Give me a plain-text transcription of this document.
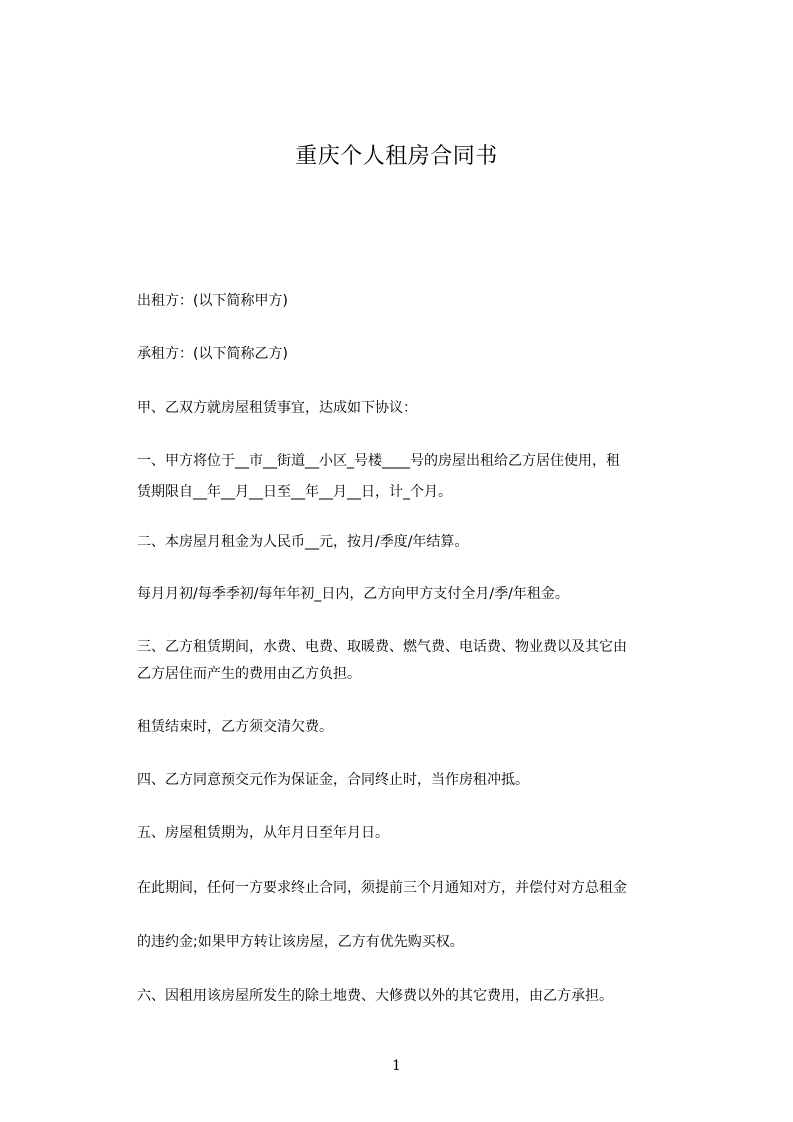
重庆个人租房合同书
出租方：(以下简称甲方)
承租方：(以下简称乙方)
甲、乙双方就房屋租赁事宜，达成如下协议：
一、甲方将位于__市__街道__小区_号楼____号的房屋出租给乙方居住使用，租
赁期限自__年__月__日至__年__月__日，计_个月。
二、本房屋月租金为人民币__元，按月/季度/年结算。
每月月初/每季季初/每年年初_日内，乙方向甲方支付全月/季/年租金。
三、乙方租赁期间，水费、电费、取暖费、燃气费、电话费、物业费以及其它由
乙方居住而产生的费用由乙方负担。
租赁结束时，乙方须交清欠费。
四、乙方同意预交元作为保证金，合同终止时，当作房租冲抵。
五、房屋租赁期为，从年月日至年月日。
在此期间，任何一方要求终止合同，须提前三个月通知对方，并偿付对方总租金
的违约金;如果甲方转让该房屋，乙方有优先购买权。
六、因租用该房屋所发生的除土地费、大修费以外的其它费用，由乙方承担。
1
